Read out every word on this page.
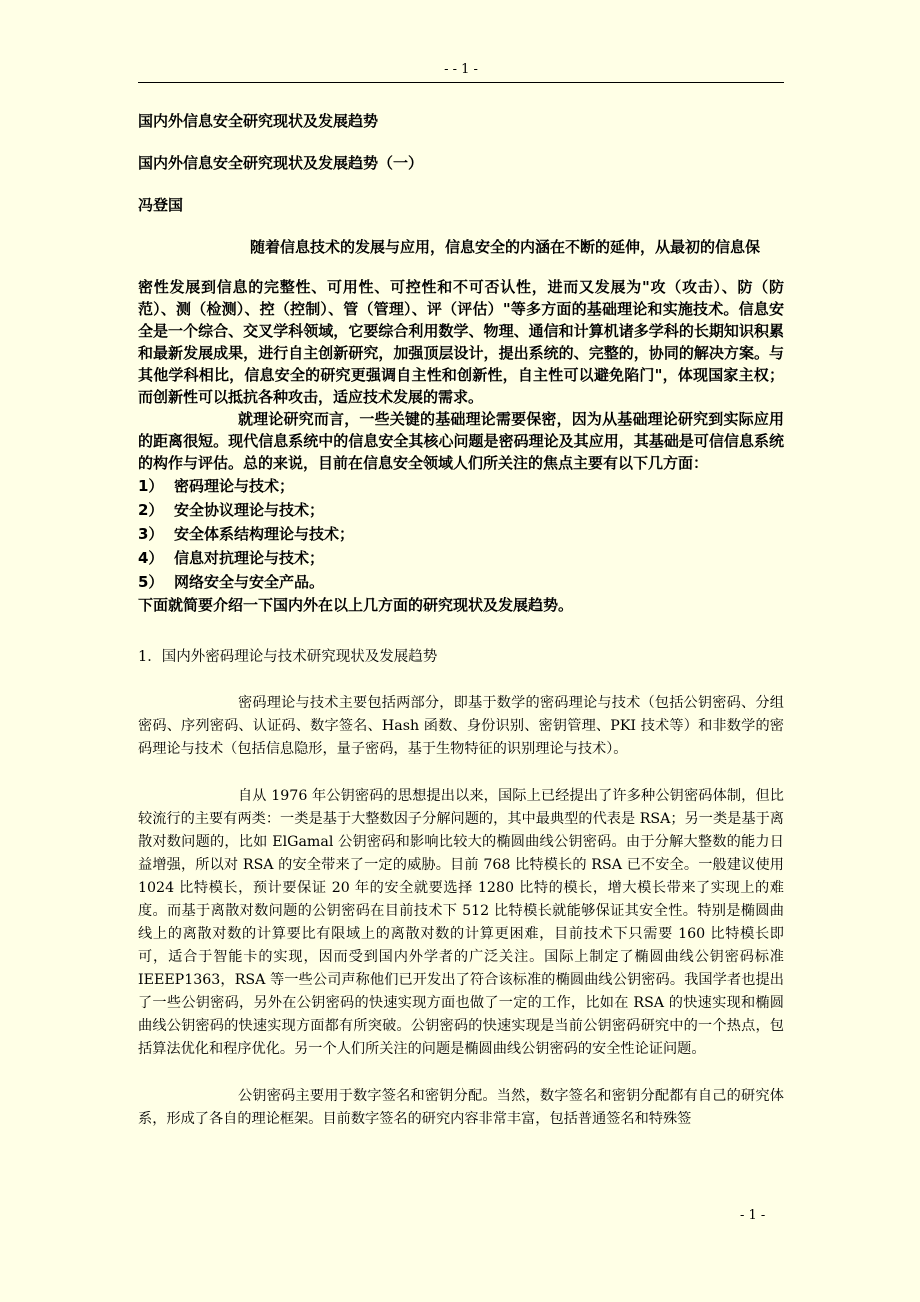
- - 1 -

国内外信息安全研究现状及发展趋势

国内外信息安全研究现状及发展趋势（一）

冯登国
随着信息技术的发展与应用，信息安全的内涵在不断的延伸，从最初的信息保
密性发展到信息的完整性、可用性、可控性和不可否认性，进而又发展为"攻（攻击）、防（防范）、测（检测）、控（控制）、管（管理）、评（评估）"等多方面的基础理论和实施技术。信息安全是一个综合、交叉学科领域，它要综合利用数学、物理、通信和计算机诸多学科的长期知识积累和最新发展成果，进行自主创新研究，加强顶层设计，提出系统的、完整的，协同的解决方案。与其他学科相比，信息安全的研究更强调自主性和创新性，自主性可以避免陷门"，体现国家主权；而创新性可以抵抗各种攻击，适应技术发展的需求。

就理论研究而言，一些关键的基础理论需要保密，因为从基础理论研究到实际应用的距离很短。现代信息系统中的信息安全其核心问题是密码理论及其应用，其基础是可信信息系统的构作与评估。总的来说，目前在信息安全领域人们所关注的焦点主要有以下几方面：

1） 密码理论与技术；
2） 安全协议理论与技术；
3） 安全体系结构理论与技术；
4） 信息对抗理论与技术；
5） 网络安全与安全产品。

下面就简要介绍一下国内外在以上几方面的研究现状及发展趋势。

1．国内外密码理论与技术研究现状及发展趋势

密码理论与技术主要包括两部分，即基于数学的密码理论与技术（包括公钥密码、分组密码、序列密码、认证码、数字签名、Hash 函数、身份识别、密钥管理、PKI 技术等）和非数学的密码理论与技术（包括信息隐形，量子密码，基于生物特征的识别理论与技术）。

自从 1976 年公钥密码的思想提出以来，国际上已经提出了许多种公钥密码体制，但比较流行的主要有两类：一类是基于大整数因子分解问题的，其中最典型的代表是 RSA；另一类是基于离散对数问题的，比如 ElGamal 公钥密码和影响比较大的椭圆曲线公钥密码。由于分解大整数的能力日益增强，所以对 RSA 的安全带来了一定的威胁。目前 768 比特模长的 RSA 已不安全。一般建议使用 1024 比特模长，预计要保证 20 年的安全就要选择 1280 比特的模长，增大模长带来了实现上的难度。而基于离散对数问题的公钥密码在目前技术下 512 比特模长就能够保证其安全性。特别是椭圆曲线上的离散对数的计算要比有限域上的离散对数的计算更困难，目前技术下只需要 160 比特模长即可，适合于智能卡的实现，因而受到国内外学者的广泛关注。国际上制定了椭圆曲线公钥密码标准 IEEEP1363，RSA 等一些公司声称他们已开发出了符合该标准的椭圆曲线公钥密码。我国学者也提出了一些公钥密码，另外在公钥密码的快速实现方面也做了一定的工作，比如在 RSA 的快速实现和椭圆曲线公钥密码的快速实现方面都有所突破。公钥密码的快速实现是当前公钥密码研究中的一个热点，包括算法优化和程序优化。另一个人们所关注的问题是椭圆曲线公钥密码的安全性论证问题。

公钥密码主要用于数字签名和密钥分配。当然，数字签名和密钥分配都有自己的研究体系，形成了各自的理论框架。目前数字签名的研究内容非常丰富，包括普通签名和特殊签

- 1 -
